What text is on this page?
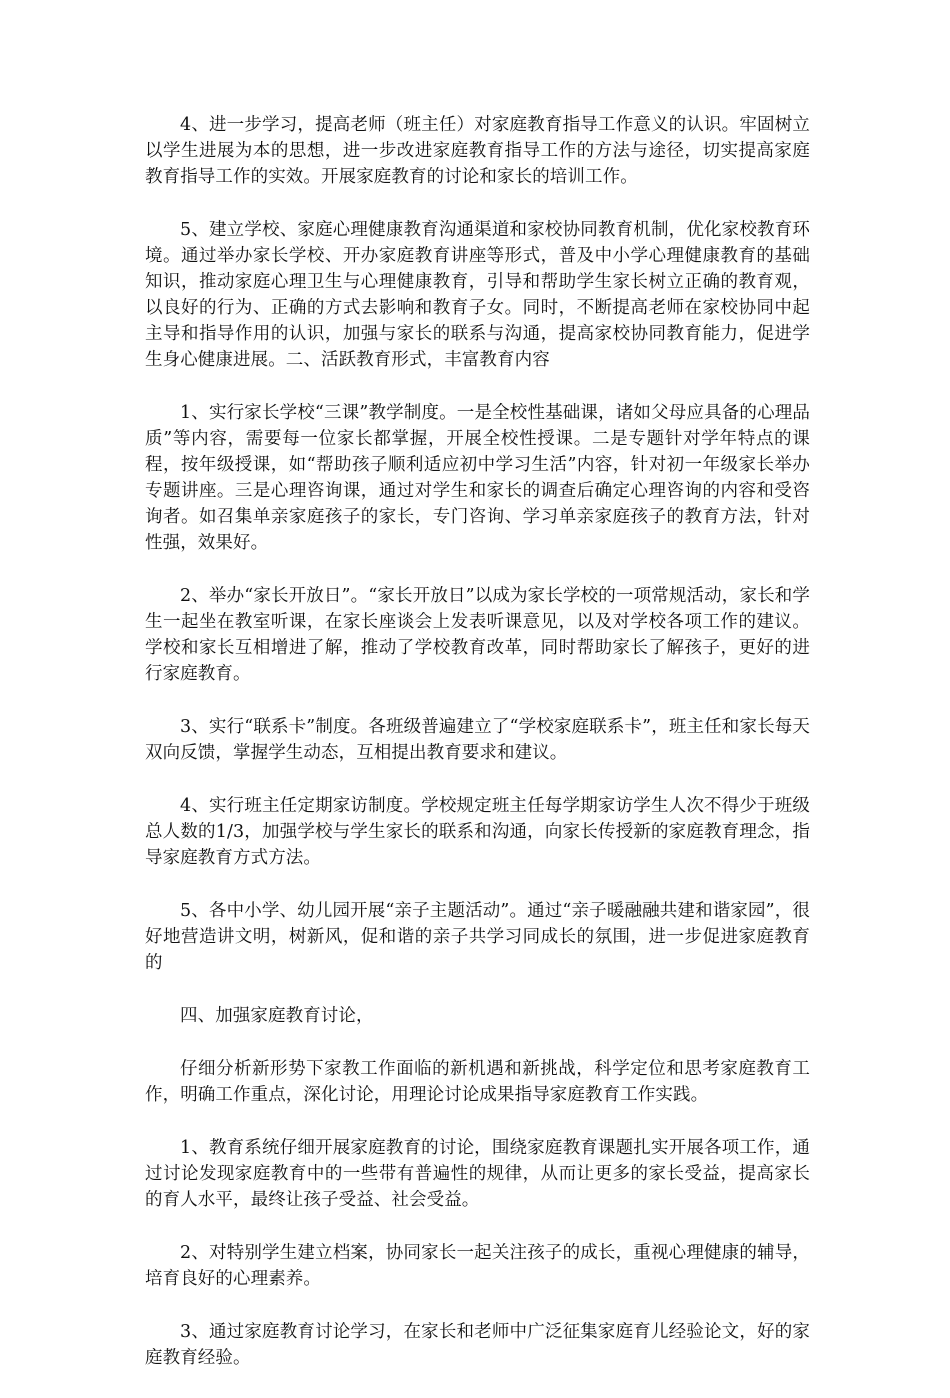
4、进一步学习，提高老师（班主任）对家庭教育指导工作意义的认识。牢固树立以学生进展为本的思想，进一步改进家庭教育指导工作的方法与途径，切实提高家庭教育指导工作的实效。开展家庭教育的讨论和家长的培训工作。

5、建立学校、家庭心理健康教育沟通渠道和家校协同教育机制，优化家校教育环境。通过举办家长学校、开办家庭教育讲座等形式，普及中小学心理健康教育的基础知识，推动家庭心理卫生与心理健康教育，引导和帮助学生家长树立正确的教育观，以良好的行为、正确的方式去影响和教育子女。同时，不断提高老师在家校协同中起主导和指导作用的认识，加强与家长的联系与沟通，提高家校协同教育能力，促进学生身心健康进展。二、活跃教育形式，丰富教育内容

1、实行家长学校“三课”教学制度。一是全校性基础课，诸如父母应具备的心理品质”等内容，需要每一位家长都掌握，开展全校性授课。二是专题针对学年特点的课程，按年级授课，如“帮助孩子顺利适应初中学习生活”内容，针对初一年级家长举办专题讲座。三是心理咨询课，通过对学生和家长的调查后确定心理咨询的内容和受咨询者。如召集单亲家庭孩子的家长，专门咨询、学习单亲家庭孩子的教育方法，针对性强，效果好。

2、举办“家长开放日”。“家长开放日”以成为家长学校的一项常规活动，家长和学生一起坐在教室听课，在家长座谈会上发表听课意见，以及对学校各项工作的建议。学校和家长互相增进了解，推动了学校教育改革，同时帮助家长了解孩子，更好的进行家庭教育。

3、实行“联系卡”制度。各班级普遍建立了“学校家庭联系卡”，班主任和家长每天双向反馈，掌握学生动态，互相提出教育要求和建议。

4、实行班主任定期家访制度。学校规定班主任每学期家访学生人次不得少于班级总人数的1/3，加强学校与学生家长的联系和沟通，向家长传授新的家庭教育理念，指导家庭教育方式方法。

5、各中小学、幼儿园开展“亲子主题活动”。通过“亲子暖融融共建和谐家园”，很好地营造讲文明，树新风，促和谐的亲子共学习同成长的氛围，进一步促进家庭教育的

四、加强家庭教育讨论，

仔细分析新形势下家教工作面临的新机遇和新挑战，科学定位和思考家庭教育工作，明确工作重点，深化讨论，用理论讨论成果指导家庭教育工作实践。

1、教育系统仔细开展家庭教育的讨论，围绕家庭教育课题扎实开展各项工作，通过讨论发现家庭教育中的一些带有普遍性的规律，从而让更多的家长受益，提高家长的育人水平，最终让孩子受益、社会受益。

2、对特别学生建立档案，协同家长一起关注孩子的成长，重视心理健康的辅导，培育良好的心理素养。

3、通过家庭教育讨论学习，在家长和老师中广泛征集家庭育儿经验论文，好的家庭教育经验。
